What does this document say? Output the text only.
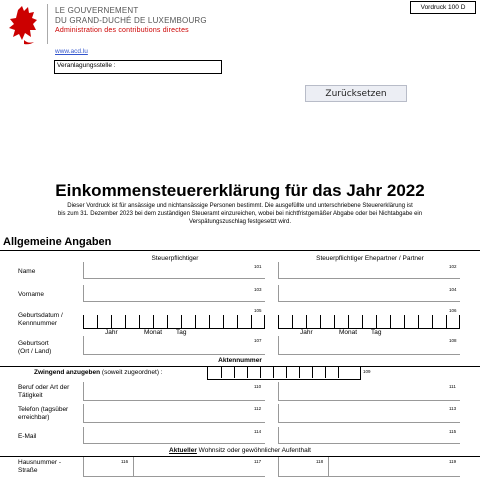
LE GOUVERNEMENT
DU GRAND-DUCHÉ DE LUXEMBOURG
Administration des contributions directes
www.acd.lu
Veranlagungsstelle :
Vordruck 100 D
Zurücksetzen
Einkommensteuererklärung für das Jahr 2022
Dieser Vordruck ist für ansässige und nichtansässige Personen bestimmt. Die ausgefüllte und unterschriebene Steuererklärung ist
bis zum 31. Dezember 2023 bei dem zuständigen Steueramt einzureichen, wobei bei nichtfristgemäßer Abgabe oder bei Nichtabgabe ein
Verspätungszuschlag festgesetzt wird.
Allgemeine Angaben
Steuerpflichtiger	Steuerpflichtiger Ehepartner / Partner
Name
101	102
Vorname
103	104
Geburtsdatum /
Kennnummer
105	106
Jahr	Monat Tag	Jahr	Monat Tag
Geburtsort
(Ort / Land)
107	108
Aktennummer
Zwingend anzugeben (soweit zugeordnet) :	109
Beruf oder Art der
Tätigkeit
110	111
Telefon (tagsüber
erreichbar)
112	113
E-Mail
114	115
Aktueller Wohnsitz oder gewöhnlicher Aufenthalt
Hausnummer -
Straße
116	117	118	119
